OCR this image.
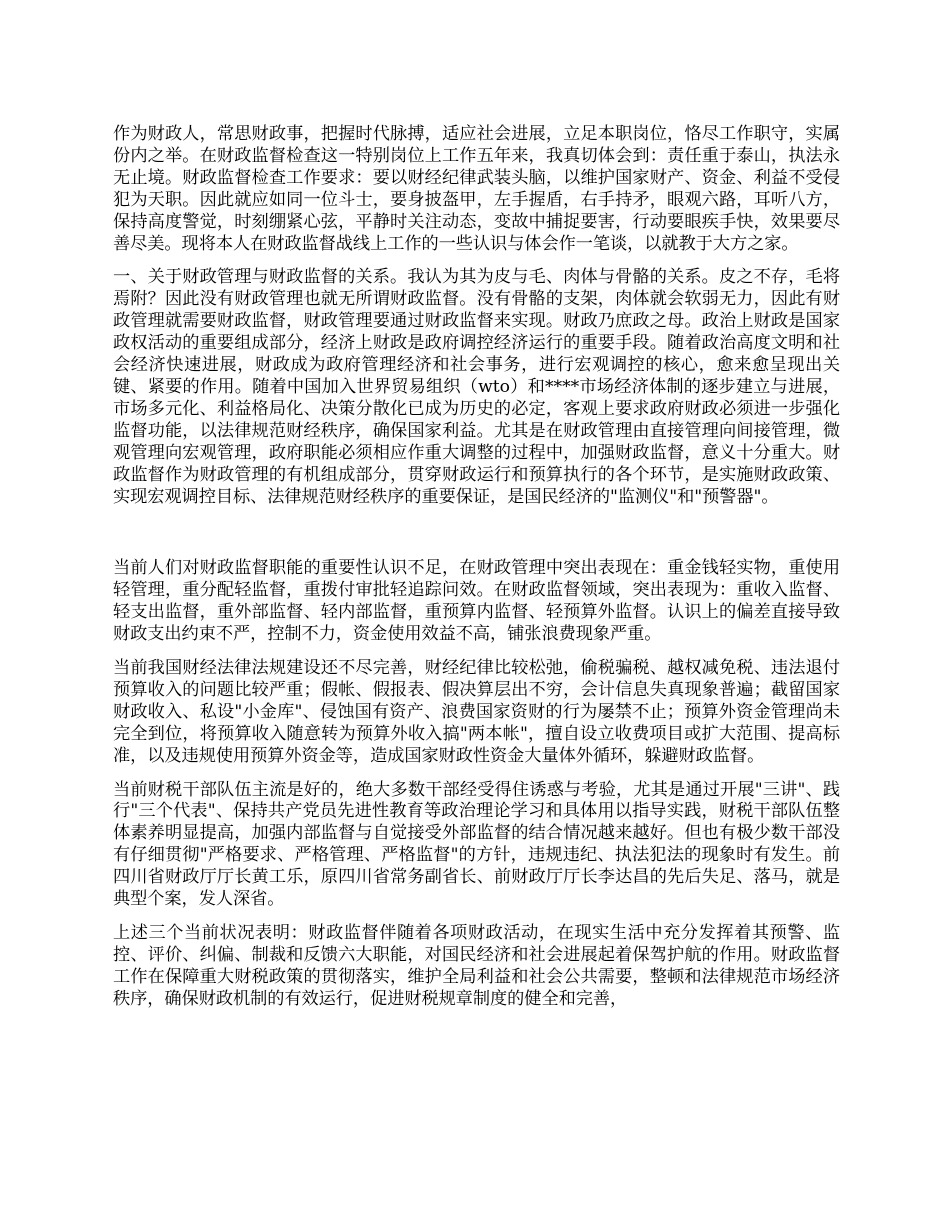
作为财政人，常思财政事，把握时代脉搏，适应社会进展，立足本职岗位，恪尽工作职守，实属份内之举。在财政监督检查这一特别岗位上工作五年来，我真切体会到：责任重于泰山，执法永无止境。财政监督检查工作要求：要以财经纪律武装头脑，以维护国家财产、资金、利益不受侵犯为天职。因此就应如同一位斗士，要身披盔甲，左手握盾，右手持矛，眼观六路，耳听八方，保持高度警觉，时刻绷紧心弦，平静时关注动态，变故中捕捉要害，行动要眼疾手快，效果要尽善尽美。现将本人在财政监督战线上工作的一些认识与体会作一笔谈，以就教于大方之家。

一、关于财政管理与财政监督的关系。我认为其为皮与毛、肉体与骨骼的关系。皮之不存，毛将焉附？因此没有财政管理也就无所谓财政监督。没有骨骼的支架，肉体就会软弱无力，因此有财政管理就需要财政监督，财政管理要通过财政监督来实现。财政乃庶政之母。政治上财政是国家政权活动的重要组成部分，经济上财政是政府调控经济运行的重要手段。随着政治高度文明和社会经济快速进展，财政成为政府管理经济和社会事务，进行宏观调控的核心，愈来愈呈现出关键、紧要的作用。随着中国加入世界贸易组织（wto）和****市场经济体制的逐步建立与进展，市场多元化、利益格局化、决策分散化已成为历史的必定，客观上要求政府财政必须进一步强化监督功能，以法律规范财经秩序，确保国家利益。尤其是在财政管理由直接管理向间接管理，微观管理向宏观管理，政府职能必须相应作重大调整的过程中，加强财政监督，意义十分重大。财政监督作为财政管理的有机组成部分，贯穿财政运行和预算执行的各个环节，是实施财政政策、实现宏观调控目标、法律规范财经秩序的重要保证，是国民经济的"监测仪"和"预警器"。

当前人们对财政监督职能的重要性认识不足，在财政管理中突出表现在：重金钱轻实物，重使用轻管理，重分配轻监督，重拨付审批轻追踪问效。在财政监督领域，突出表现为：重收入监督、轻支出监督，重外部监督、轻内部监督，重预算内监督、轻预算外监督。认识上的偏差直接导致财政支出约束不严，控制不力，资金使用效益不高，铺张浪费现象严重。

当前我国财经法律法规建设还不尽完善，财经纪律比较松弛，偷税骗税、越权减免税、违法退付预算收入的问题比较严重；假帐、假报表、假决算层出不穷，会计信息失真现象普遍；截留国家财政收入、私设"小金库"、侵蚀国有资产、浪费国家资财的行为屡禁不止；预算外资金管理尚未完全到位，将预算收入随意转为预算外收入搞"两本帐"，擅自设立收费项目或扩大范围、提高标准，以及违规使用预算外资金等，造成国家财政性资金大量体外循环，躲避财政监督。

当前财税干部队伍主流是好的，绝大多数干部经受得住诱惑与考验，尤其是通过开展"三讲"、践行"三个代表"、保持共产党员先进性教育等政治理论学习和具体用以指导实践，财税干部队伍整体素养明显提高，加强内部监督与自觉接受外部监督的结合情况越来越好。但也有极少数干部没有仔细贯彻"严格要求、严格管理、严格监督"的方针，违规违纪、执法犯法的现象时有发生。前四川省财政厅厅长黄工乐，原四川省常务副省长、前财政厅厅长李达昌的先后失足、落马，就是典型个案，发人深省。

上述三个当前状况表明：财政监督伴随着各项财政活动，在现实生活中充分发挥着其预警、监控、评价、纠偏、制裁和反馈六大职能，对国民经济和社会进展起着保驾护航的作用。财政监督工作在保障重大财税政策的贯彻落实，维护全局利益和社会公共需要，整顿和法律规范市场经济秩序，确保财政机制的有效运行，促进财税规章制度的健全和完善，
